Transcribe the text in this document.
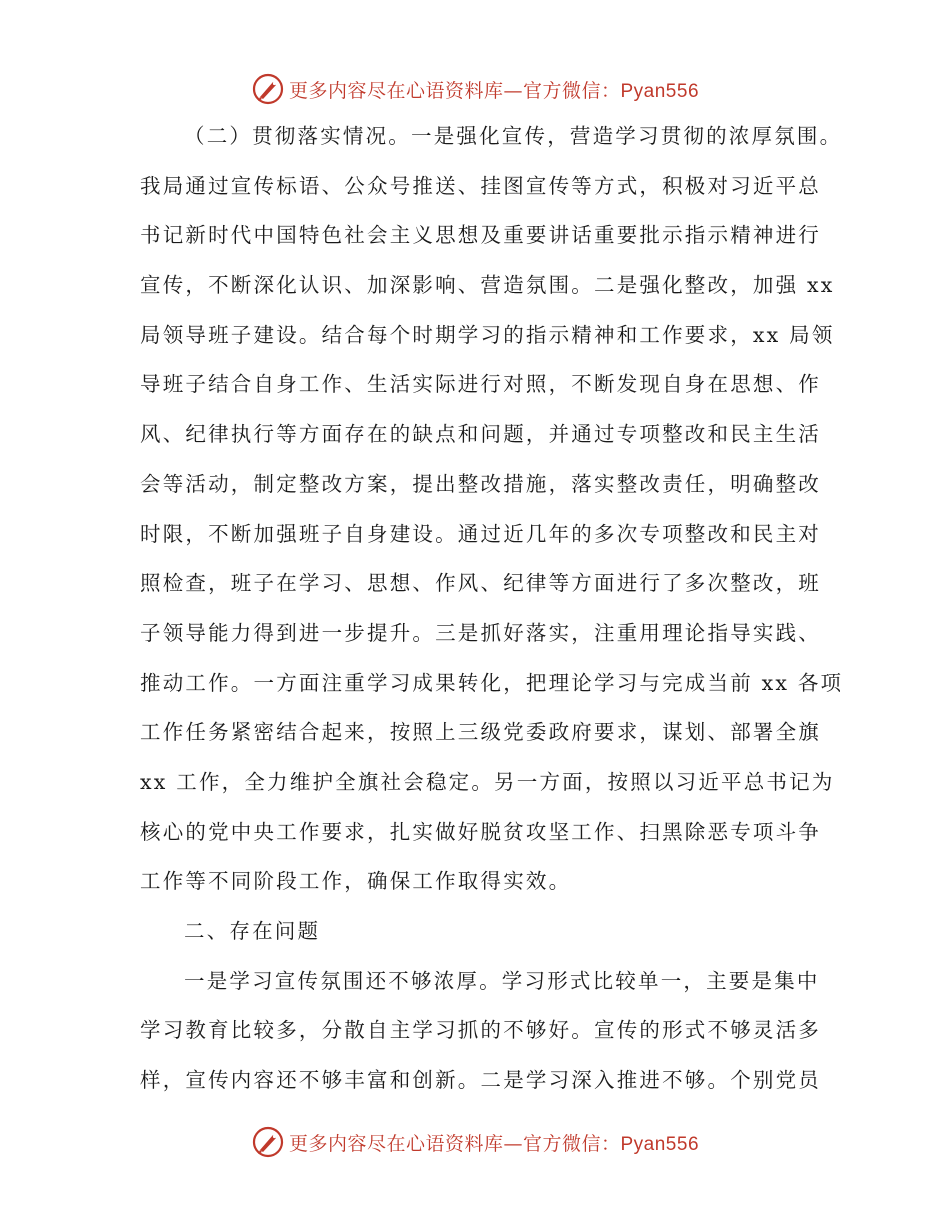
更多内容尽在心语资料库—官方微信：Pyan556
（二）贯彻落实情况。一是强化宣传，营造学习贯彻的浓厚氛围。
我局通过宣传标语、公众号推送、挂图宣传等方式，积极对习近平总
书记新时代中国特色社会主义思想及重要讲话重要批示指示精神进行
宣传，不断深化认识、加深影响、营造氛围。二是强化整改，加强 xx
局领导班子建设。结合每个时期学习的指示精神和工作要求，xx 局领
导班子结合自身工作、生活实际进行对照，不断发现自身在思想、作
风、纪律执行等方面存在的缺点和问题，并通过专项整改和民主生活
会等活动，制定整改方案，提出整改措施，落实整改责任，明确整改
时限，不断加强班子自身建设。通过近几年的多次专项整改和民主对
照检查，班子在学习、思想、作风、纪律等方面进行了多次整改，班
子领导能力得到进一步提升。三是抓好落实，注重用理论指导实践、
推动工作。一方面注重学习成果转化，把理论学习与完成当前 xx 各项
工作任务紧密结合起来，按照上三级党委政府要求，谋划、部署全旗
xx 工作，全力维护全旗社会稳定。另一方面，按照以习近平总书记为
核心的党中央工作要求，扎实做好脱贫攻坚工作、扫黑除恶专项斗争
工作等不同阶段工作，确保工作取得实效。
二、存在问题
一是学习宣传氛围还不够浓厚。学习形式比较单一，主要是集中
学习教育比较多，分散自主学习抓的不够好。宣传的形式不够灵活多
样，宣传内容还不够丰富和创新。二是学习深入推进不够。个别党员
更多内容尽在心语资料库—官方微信：Pyan556
